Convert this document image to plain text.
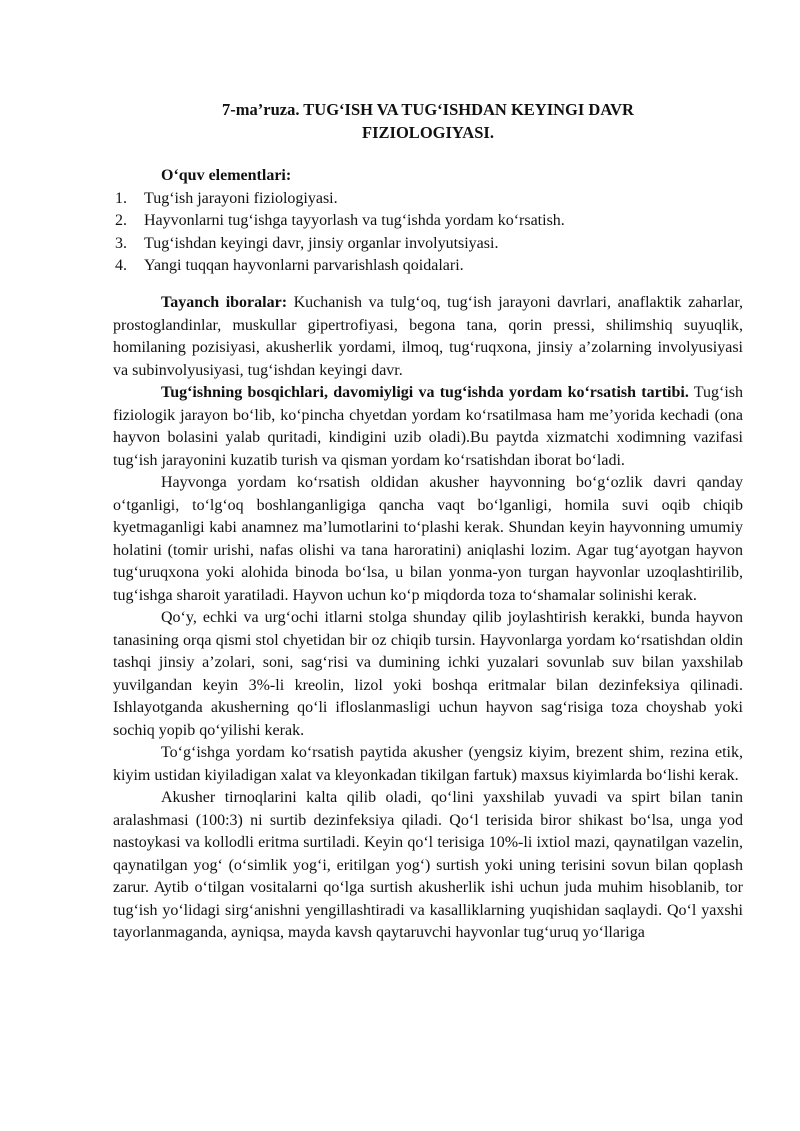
7-ma’ruza. TUG‘ISH VA TUG‘ISHDAN KEYINGI DAVR
FIZIOLOGIYASI.
O‘quv elementlari:
1.	Tug‘ish jarayoni fiziologiyasi.
2.	Hayvonlarni tug‘ishga tayyorlash va tug‘ishda yordam ko‘rsatish.
3.	Tug‘ishdan keyingi davr, jinsiy organlar involyutsiyasi.
4.	Yangi tuqqan hayvonlarni parvarishlash qoidalari.

Tayanch iboralar: Kuchanish va tulg‘oq, tug‘ish jarayoni davrlari, anaflaktik zaharlar, prostoglandinlar, muskullar gipertrofiyasi, begona tana, qorin pressi, shilimshiq suyuqlik, homilaning pozisiyasi, akusherlik yordami, ilmoq, tug‘ruqxona, jinsiy a’zolarning involyusiyasi va subinvolyusiyasi, tug‘ishdan keyingi davr.

Tug‘ishning bosqichlari, davomiyligi va tug‘ishda yordam ko‘rsatish tartibi. Tug‘ish fiziologik jarayon bo‘lib, ko‘pincha chyetdan yordam ko‘rsatilmasa ham me’yorida kechadi (ona hayvon bolasini yalab quritadi, kindigini uzib oladi).Bu paytda xizmatchi xodimning vazifasi tug‘ish jarayonini kuzatib turish va qisman yordam ko‘rsatishdan iborat bo‘ladi.

Hayvonga yordam ko‘rsatish oldidan akusher hayvonning bo‘g‘ozlik davri qanday o‘tganligi, to‘lg‘oq boshlanganligiga qancha vaqt bo‘lganligi, homila suvi oqib chiqib kyetmaganligi kabi anamnez ma’lumotlarini to‘plashi kerak. Shundan keyin hayvonning umumiy holatini (tomir urishi, nafas olishi va tana haroratini) aniqlashi lozim. Agar tug‘ayotgan hayvon tug‘uruqxona yoki alohida binoda bo‘lsa, u bilan yonma-yon turgan hayvonlar uzoqlashtirilib, tug‘ishga sharoit yaratiladi. Hayvon uchun ko‘p miqdorda toza to‘shamalar solinishi kerak.

Qo‘y, echki va urg‘ochi itlarni stolga shunday qilib joylashtirish kerakki, bunda hayvon tanasining orqa qismi stol chyetidan bir oz chiqib tursin. Hayvonlarga yordam ko‘rsatishdan oldin tashqi jinsiy a’zolari, soni, sag‘risi va dumining ichki yuzalari sovunlab suv bilan yaxshilab yuvilgandan keyin 3%-li kreolin, lizol yoki boshqa eritmalar bilan dezinfeksiya qilinadi. Ishlayotganda akusherning qo‘li ifloslanmasligi uchun hayvon sag‘risiga toza choyshab yoki sochiq yopib qo‘yilishi kerak.

To‘g‘ishga yordam ko‘rsatish paytida akusher (yengsiz kiyim, brezent shim, rezina etik, kiyim ustidan kiyiladigan xalat va kleyonkadan tikilgan fartuk) maxsus kiyimlarda bo‘lishi kerak.

Akusher tirnoqlarini kalta qilib oladi, qo‘lini yaxshilab yuvadi va spirt bilan tanin aralashmasi (100:3) ni surtib dezinfeksiya qiladi. Qo‘l terisida biror shikast bo‘lsa, unga yod nastoykasi va kollodli eritma surtiladi. Keyin qo‘l terisiga 10%-li ixtiol mazi, qaynatilgan vazelin, qaynatilgan yog‘ (o‘simlik yog‘i, eritilgan yog‘) surtish yoki uning terisini sovun bilan qoplash zarur. Aytib o‘tilgan vositalarni qo‘lga surtish akusherlik ishi uchun juda muhim hisoblanib, tor tug‘ish yo‘lidagi sirg‘anishni yengillashtiradi va kasalliklarning yuqishidan saqlaydi. Qo‘l yaxshi tayorlanmaganda, ayniqsa, mayda kavsh qaytaruvchi hayvonlar tug‘uruq yo‘llariga
